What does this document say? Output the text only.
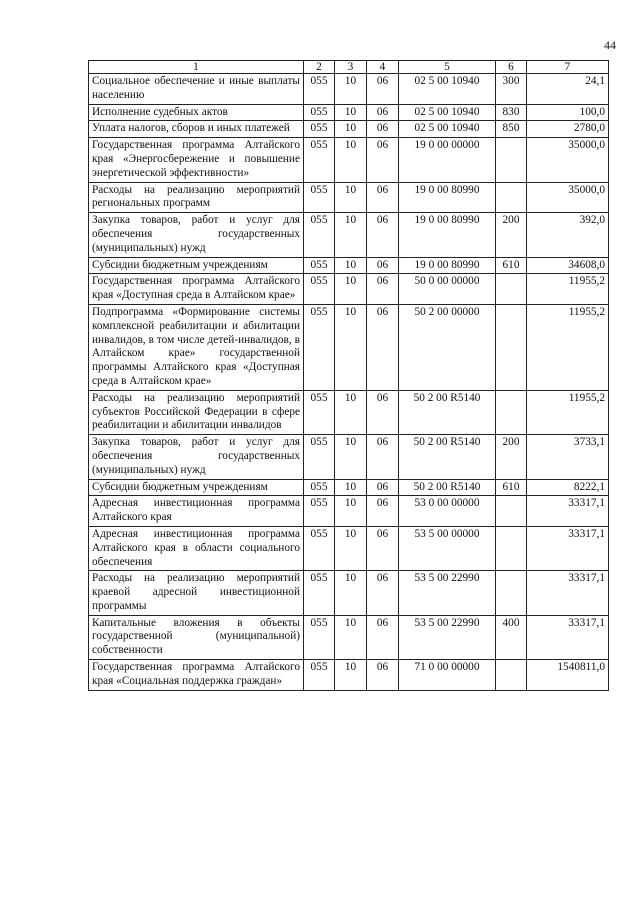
44
1	2	3	4	5	6	7
Социальное обеспечение и иные выплаты населению	055	10	06	02 5 00 10940	300	24,1
Исполнение судебных актов	055	10	06	02 5 00 10940	830	100,0
Уплата налогов, сборов и иных платежей	055	10	06	02 5 00 10940	850	2780,0
Государственная программа Алтайского края «Энергосбережение и повышение энергетической эффективности»	055	10	06	19 0 00 00000		35000,0
Расходы на реализацию мероприятий региональных программ	055	10	06	19 0 00 80990		35000,0
Закупка товаров, работ и услуг для обеспечения государственных (муниципальных) нужд	055	10	06	19 0 00 80990	200	392,0
Субсидии бюджетным учреждениям	055	10	06	19 0 00 80990	610	34608,0
Государственная программа Алтайского края «Доступная среда в Алтайском крае»	055	10	06	50 0 00 00000		11955,2
Подпрограмма «Формирование системы комплексной реабилитации и абилитации инвалидов, в том числе детей-инвалидов, в Алтайском крае» государственной программы Алтайского края «Доступная среда в Алтайском крае»	055	10	06	50 2 00 00000		11955,2
Расходы на реализацию мероприятий субъектов Российской Федерации в сфере реабилитации и абилитации инвалидов	055	10	06	50 2 00 R5140		11955,2
Закупка товаров, работ и услуг для обеспечения государственных (муниципальных) нужд	055	10	06	50 2 00 R5140	200	3733,1
Субсидии бюджетным учреждениям	055	10	06	50 2 00 R5140	610	8222,1
Адресная инвестиционная программа Алтайского края	055	10	06	53 0 00 00000		33317,1
Адресная инвестиционная программа Алтайского края в области социального обеспечения	055	10	06	53 5 00 00000		33317,1
Расходы на реализацию мероприятий краевой адресной инвестиционной программы	055	10	06	53 5 00 22990		33317,1
Капитальные вложения в объекты государственной (муниципальной) собственности	055	10	06	53 5 00 22990	400	33317,1
Государственная программа Алтайского края «Социальная поддержка граждан»	055	10	06	71 0 00 00000		1540811,0
